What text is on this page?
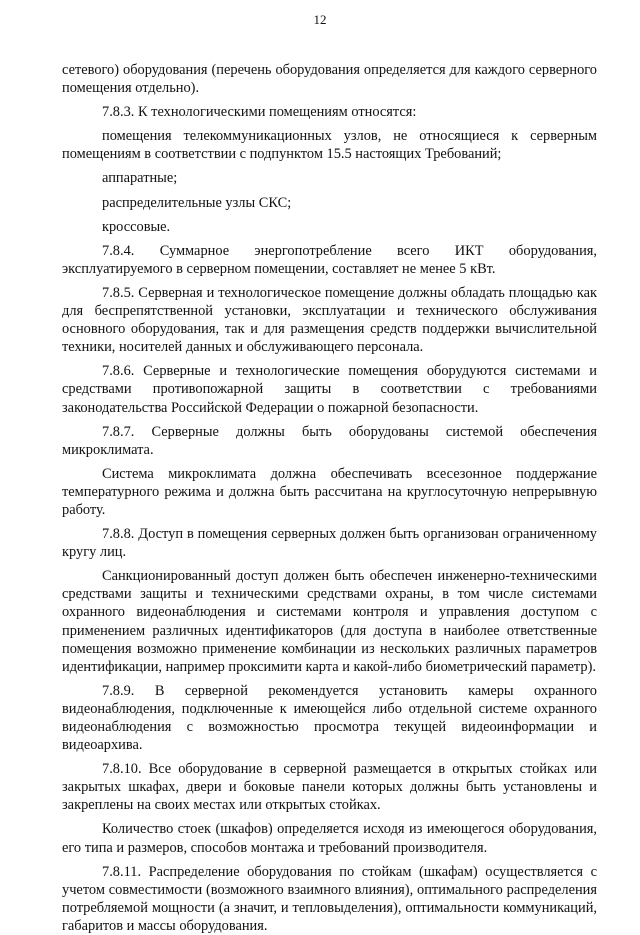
12

сетевого) оборудования (перечень оборудования определяется для каждого серверного помещения отдельно).

7.8.3. К технологическими помещениям относятся:

помещения телекоммуникационных узлов, не относящиеся к серверным помещениям в соответствии с подпунктом 15.5 настоящих Требований;

аппаратные;

распределительные узлы СКС;

кроссовые.

7.8.4. Суммарное энергопотребление всего ИКТ оборудования, эксплуатируемого в серверном помещении, составляет не менее 5 кВт.

7.8.5. Серверная и технологическое помещение должны обладать площадью как для беспрепятственной установки, эксплуатации и технического обслуживания основного оборудования, так и для размещения средств поддержки вычислительной техники, носителей данных и обслуживающего персонала.

7.8.6. Серверные и технологические помещения оборудуются системами и средствами противопожарной защиты в соответствии с требованиями законодательства Российской Федерации о пожарной безопасности.

7.8.7. Серверные должны быть оборудованы системой обеспечения микроклимата.

Система микроклимата должна обеспечивать всесезонное поддержание температурного режима и должна быть рассчитана на круглосуточную непрерывную работу.

7.8.8. Доступ в помещения серверных должен быть организован ограниченному кругу лиц.

Санкционированный доступ должен быть обеспечен инженерно-техническими средствами защиты и техническими средствами охраны, в том числе системами охранного видеонаблюдения и системами контроля и управления доступом с применением различных идентификаторов (для доступа в наиболее ответственные помещения возможно применение комбинации из нескольких различных параметров идентификации, например проксимити карта и какой-либо биометрический параметр).

7.8.9. В серверной рекомендуется установить камеры охранного видеонаблюдения, подключенные к имеющейся либо отдельной системе охранного видеонаблюдения с возможностью просмотра текущей видеоинформации и видеоархива.

7.8.10. Все оборудование в серверной размещается в открытых стойках или закрытых шкафах, двери и боковые панели которых должны быть установлены и закреплены на своих местах или открытых стойках.

Количество стоек (шкафов) определяется исходя из имеющегося оборудования, его типа и размеров, способов монтажа и требований производителя.

7.8.11. Распределение оборудования по стойкам (шкафам) осуществляется с учетом совместимости (возможного взаимного влияния), оптимального распределения потребляемой мощности (а значит, и тепловыделения), оптимальности коммуникаций, габаритов и массы оборудования.
